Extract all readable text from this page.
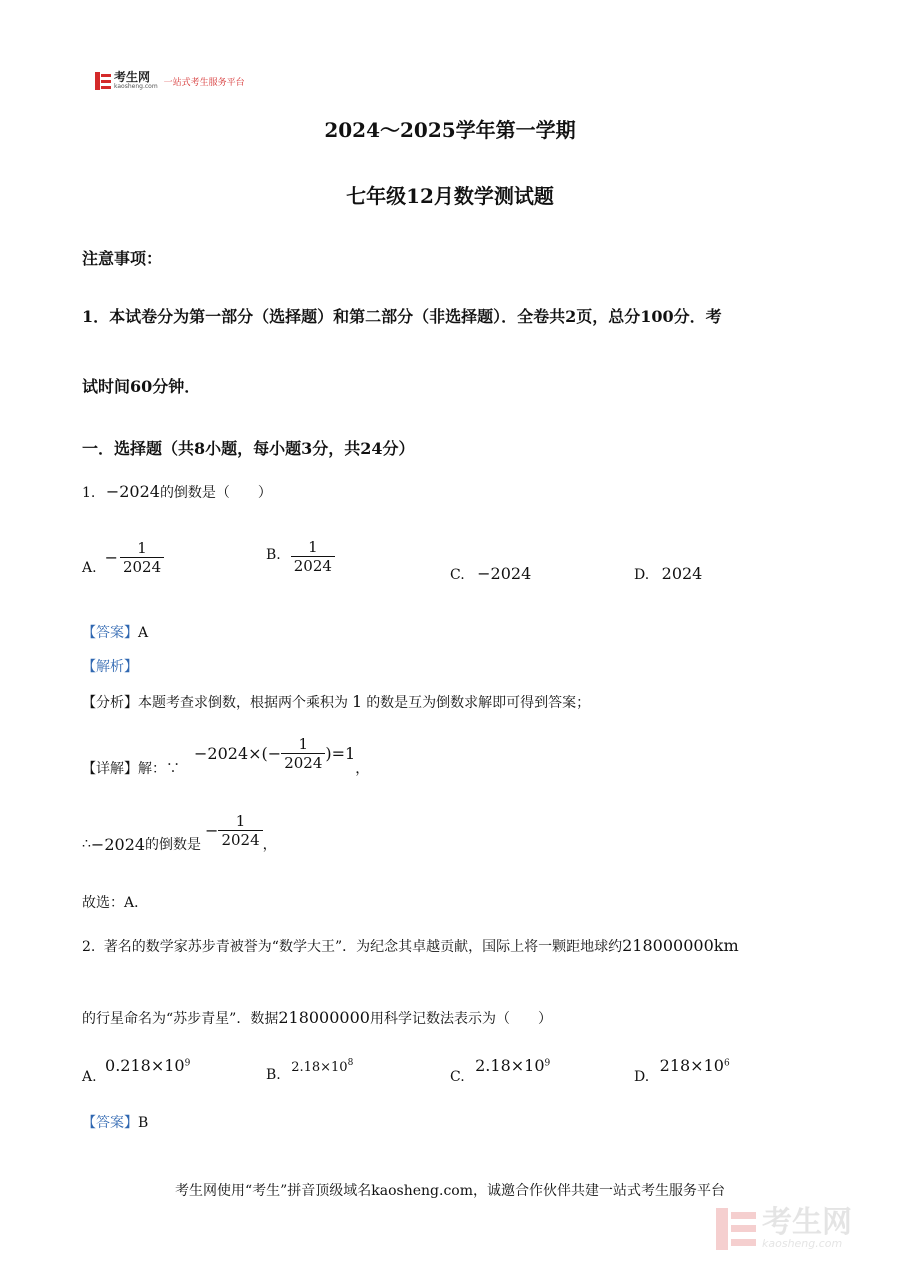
考生网
kaosheng.com 一站式考生服务平台
2024～2025学年第一学期
七年级12月数学测试题
注意事项：
1．本试卷分为第一部分（选择题）和第二部分（非选择题）．全卷共2页，总分100分．考
试时间60分钟．
一．选择题（共8小题，每小题3分，共24分）
1. −2024的倒数是（　　）
A.
− $\frac{1}{2024}$	B. $\frac{1}{2024}$	C. −2024	D. 2024
【答案】A
【解析】
【分析】本题考查求倒数，根据两个乘积为 1 的数是互为倒数求解即可得到答案；
【详解】 解：∵
$-2024\times(- \frac{1}{2024} )=1$
，
∴ −2024 的倒数是
− $\frac{1}{2024}$ ，
故选：A．
2. 著名的数学家苏步青被誉为“数学大王”．为纪念其卓越贡献，国际上将一颗距地球约218000000km
的行星命名为“苏步青星”．数据218000000用科学记数法表示为（　　）
A. $0.218\times 10^9$
B. $2.18\times 10^8$
C. $2.18\times 10^9$
D. $218\times 10^6$
【答案】B
考生网使用“考生”拼音顶级域名kaosheng.com，诚邀合作伙伴共建一站式考生服务平台
考生网
kaosheng.com
